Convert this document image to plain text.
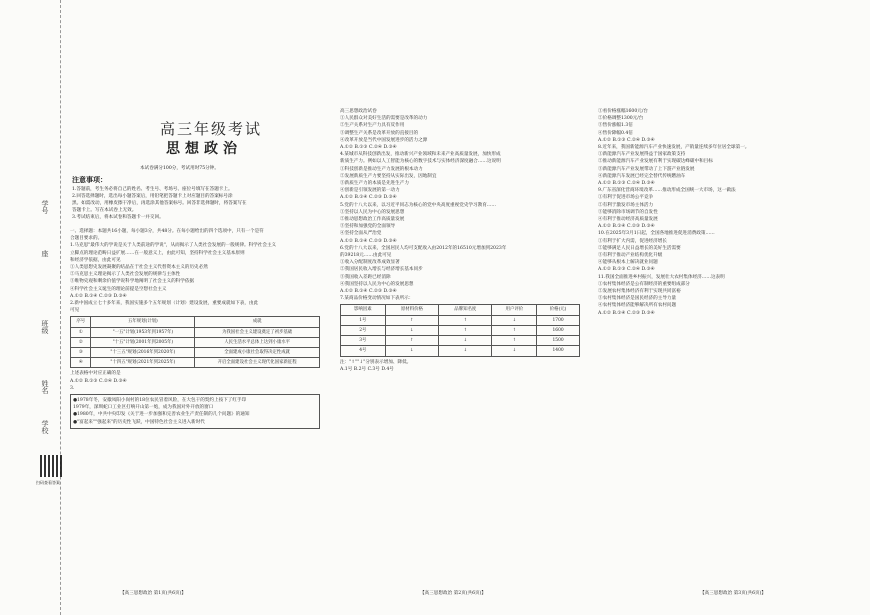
学号
座
班级
姓名
学校
扫码查看答案
高三年级考试
思想政治
本试卷满分100分，考试用时75分钟。
注意事项：
1.答题前，考生务必将自己的姓名、考生号、考场号、座位号填写在答题卡上。
2.回答选择题时，选出每小题答案后，用铅笔把答题卡上对应题目的答案标号涂
黑。如需改动，用橡皮擦干净后，再选涂其他答案标号。回答非选择题时，将答案写在
答题卡上。写在本试卷上无效。
3.考试结束后，将本试卷和答题卡一并交回。
一、选择题：本题共16小题，每小题3分，共48分。在每小题给出的四个选项中，只有一个是符
合题目要求的。
1.马克思"最伟大的学说是关于人类前途的学说"，从而揭示了人类社会发展的一般规律。科学社会主义
立脚点的理论范畴日益扩展……在一般意义上，由此可知，坚持科学社会主义基本原则
和经济学依据，由此可见
①人类思想史发展凝聚的结晶在于社会主义代替资本主义的历史必然
②马克思主义理论揭示了人类社会发展的规律与主体性
③唯物史观和剩余价值学说科学地阐明了社会主义的科学依据
④科学社会主义诞生的理论前提是空想社会主义
A.①② B.①④ C.②③ D.③④
2.新中国成立七十多年来，我国实施多个五年规划（计划）建设发展，重要成就如下表，由此
可见
序号	五年规划(计划)	成就
①	"一五"计划(1953年到1957年)	为我国社会主义建设奠定了初步基础
②	"十五"计划(2001年到2005年)	人民生活水平总体上达到小康水平
③	"十三五"规划(2016年到2020年)	全面建成小康社会取得决定性成就
④	"十四五"规划(2021年到2025年)	开启全面建设社会主义现代化国家新征程
上述表格中对应正确的是
A.①② B.①③ C.②④ D.③④
3.
●1978年冬，安徽凤阳小岗村的18位农民冒着风险，在大包干的契约上按下了红手印
1979年，深圳蛇口工业区打响开山第一炮，成为我国对外开放的窗口
●1980年，中共中央印发《关于进一步加强和完善农业生产责任制的几个问题》的通知
●"富起来""强起来"的历史性飞跃，中国特色社会主义进入新时代
高三思想政治试卷
①人民群众对美好生活的需要是改革的动力
②生产关系对生产力具有反作用
③调整生产关系是改革开放的直接目的
④改革开放是当代中国发展进步的活力之源
A.①② B.①③ C.②④ D.③④
4.某城市从科技创新出发，推动新兴产业领域和未来产业高质量发展，加快形成
新质生产力。例如以人工智能为核心的数字技术与实体经济深度融合……这说明
①科技创新是推动生产力发展的根本动力
②发展新质生产力要坚持从实际出发，因地制宜
③新质生产力的本质是先进生产力
④创新是引领发展的第一动力
A.①② B.①④ C.②③ D.③④
5.党的十八大以来，以习近平同志为核心的党中央高度重视党史学习教育……
①坚持以人民为中心的发展思想
②推动思想政治工作高质量发展
③坚持和加强党的全面领导
④坚持全面从严治党
A.①② B.①④ C.②③ D.③④
6.党的十八大以来，全国居民人均可支配收入由2012年的16510元增加到2023年
的39218元……由此可见
①收入分配制度改革成效显著
②我国居民收入增长与经济增长基本同步
③我国收入差距已经消除
④我国坚持以人民为中心的发展思想
A.①② B.①④ C.②③ D.③④
7.某商品价格变动情况如下表所示：
影响因素	原材料价格	品牌知名度	用户评价	价格(元)
1号	↑	↑	↓	1700
2号	↓	↑	↑	1600
3号	↑	↓	↑	1500
4号	↓	↓	↓	1400
注："↑""↓"分别表示增加、降低。
A.1号 B.2号 C.3号 D.4号
①看价格涨幅1600元/台
②价格调整1300元/台
③售价涨幅1.3倍
④售价降幅0.4倍
A.①② B.①③ C.②④ D.③④
8.近年来，我国新能源汽车产业快速发展，产销量连续多年位居全球第一。
①新能源汽车产业发展得益于国家政策支持
②推动新能源汽车产业发展有利于实现碳达峰碳中和目标
③新能源汽车产业发展带动了上下游产业链发展
④新能源汽车发展已经完全替代传统燃油车
A.①② B.①③ C.②④ D.③④
9.广东省深化营商环境改革……推动形成全国统一大市场，这一做法
①有利于促进市场公平竞争
②有利于激发市场主体活力
③能够消除市场调节的自发性
④有利于推动经济高质量发展
A.①② B.①④ C.②③ D.③④
10.在2025年3月1日起，全国各地推进促进消费政策……
①有利于扩大内需，促进经济增长
②能够满足人民日益增长的美好生活需要
③有利于推动产业结构优化升级
④能够从根本上解决就业问题
A.①② B.①③ C.②④ D.③④
11.我国全面推进乡村振兴，发展壮大农村集体经济……这表明
①农村集体经济是公有制经济的重要组成部分
②发展农村集体经济有利于实现共同富裕
③农村集体经济是国民经济的主导力量
④农村集体经济能够解决所有农村问题
A.①② B.①④ C.②③ D.③④
【高三思想政治 第1页(共6页)】	【高三思想政治 第2页(共6页)】	【高三思想政治 第3页(共6页)】
